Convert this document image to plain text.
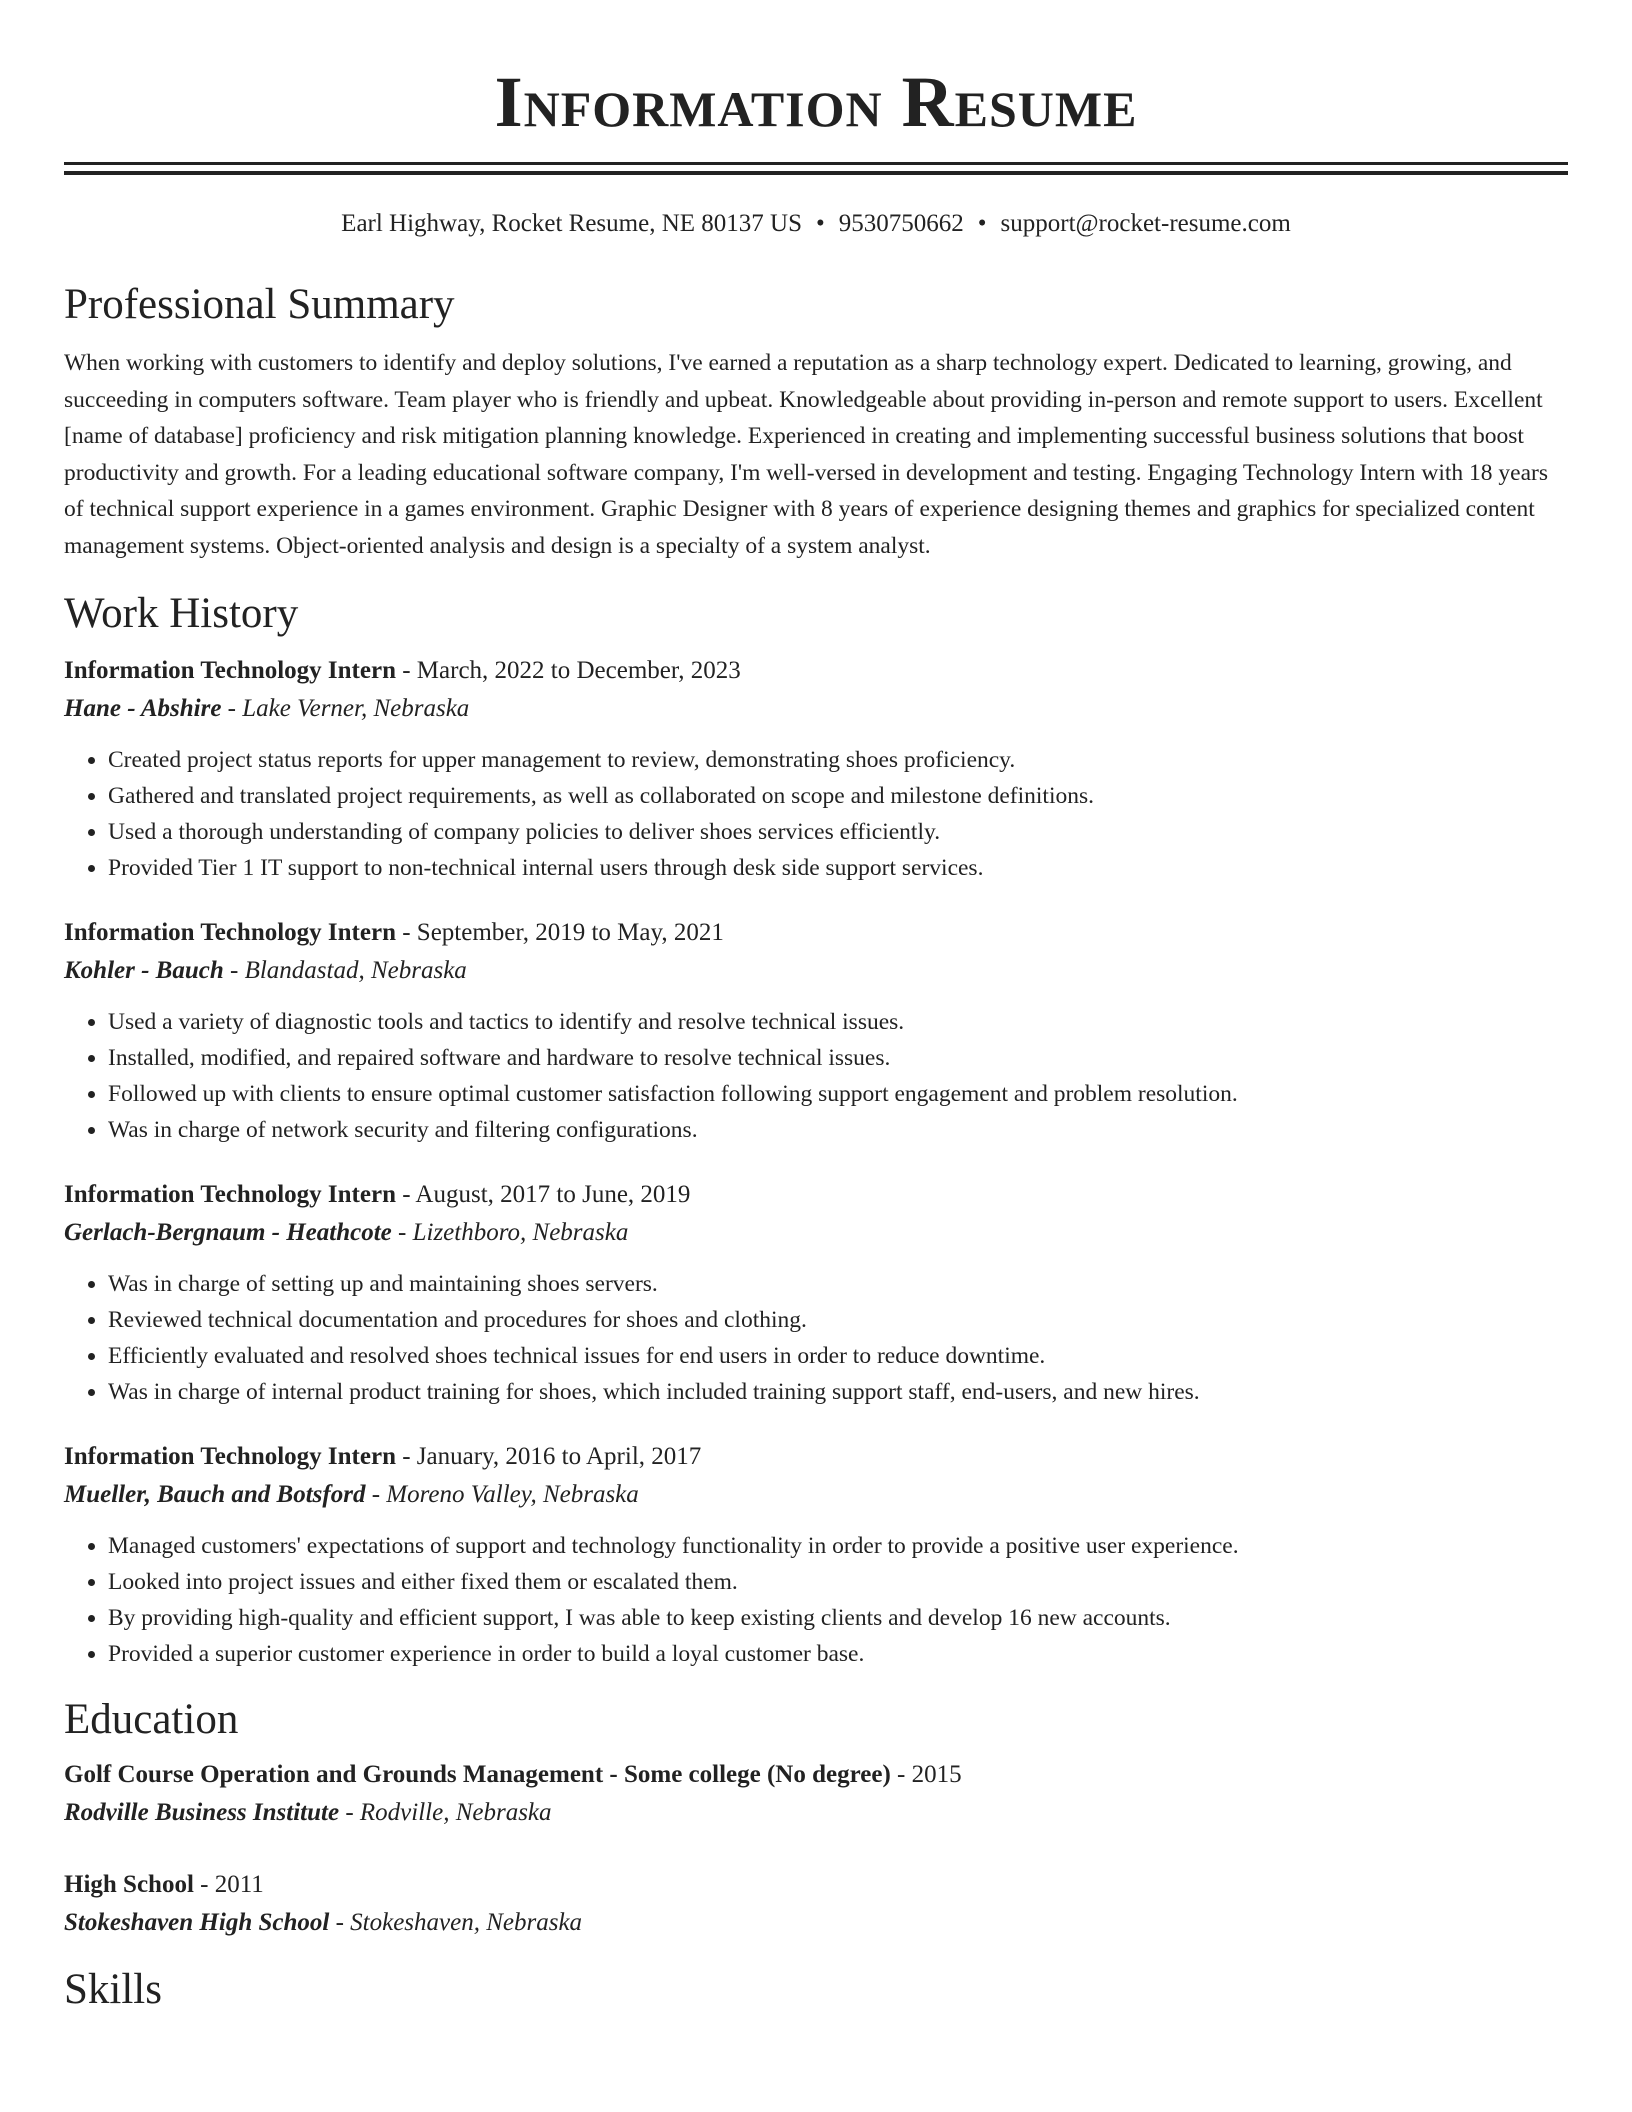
Information Resume
Earl Highway, Rocket Resume, NE 80137 US • 9530750662 • support@rocket-resume.com
Professional Summary

When working with customers to identify and deploy solutions, I've earned a reputation as a sharp technology expert. Dedicated to learning, growing, and succeeding in computers software. Team player who is friendly and upbeat. Knowledgeable about providing in-person and remote support to users. Excellent [name of database] proficiency and risk mitigation planning knowledge. Experienced in creating and implementing successful business solutions that boost productivity and growth. For a leading educational software company, I'm well-versed in development and testing. Engaging Technology Intern with 18 years of technical support experience in a games environment. Graphic Designer with 8 years of experience designing themes and graphics for specialized content management systems. Object-oriented analysis and design is a specialty of a system analyst.

Work History

Information Technology Intern - March, 2022 to December, 2023

Hane - Abshire - Lake Verner, Nebraska

• Created project status reports for upper management to review, demonstrating shoes proficiency.
• Gathered and translated project requirements, as well as collaborated on scope and milestone definitions.
• Used a thorough understanding of company policies to deliver shoes services efficiently.
• Provided Tier 1 IT support to non-technical internal users through desk side support services.

Information Technology Intern - September, 2019 to May, 2021

Kohler - Bauch - Blandastad, Nebraska

• Used a variety of diagnostic tools and tactics to identify and resolve technical issues.
• Installed, modified, and repaired software and hardware to resolve technical issues.
• Followed up with clients to ensure optimal customer satisfaction following support engagement and problem resolution.
• Was in charge of network security and filtering configurations.

Information Technology Intern - August, 2017 to June, 2019

Gerlach-Bergnaum - Heathcote - Lizethboro, Nebraska

• Was in charge of setting up and maintaining shoes servers.
• Reviewed technical documentation and procedures for shoes and clothing.
• Efficiently evaluated and resolved shoes technical issues for end users in order to reduce downtime.
• Was in charge of internal product training for shoes, which included training support staff, end-users, and new hires.

Information Technology Intern - January, 2016 to April, 2017

Mueller, Bauch and Botsford - Moreno Valley, Nebraska

• Managed customers' expectations of support and technology functionality in order to provide a positive user experience.
• Looked into project issues and either fixed them or escalated them.
• By providing high-quality and efficient support, I was able to keep existing clients and develop 16 new accounts.
• Provided a superior customer experience in order to build a loyal customer base.
Education

Golf Course Operation and Grounds Management - Some college (No degree) - 2015

Rodville Business Institute - Rodville, Nebraska

High School - 2011

Stokeshaven High School - Stokeshaven, Nebraska

Skills
